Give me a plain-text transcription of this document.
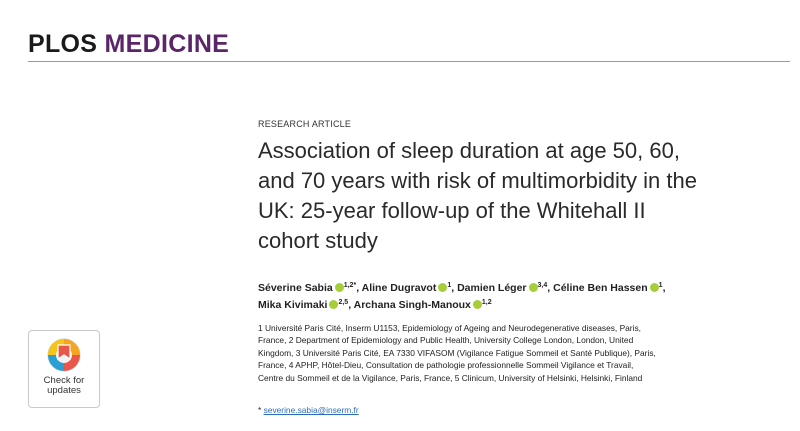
PLOS MEDICINE
Check for
updates
RESEARCH ARTICLE
Association of sleep duration at age 50, 60,
and 70 years with risk of multimorbidity in the
UK: 25-year follow-up of the Whitehall II
cohort study
Séverine Sabia $^{1,2*}$, Aline Dugravot $^1$, Damien Léger $^{3,4}$, Céline Ben Hassen $^1$,
Mika Kivimaki $^{2,5}$, Archana Singh-Manoux $^{1,2}$
1 Université Paris Cité, Inserm U1153, Epidemiology of Ageing and Neurodegenerative diseases, Paris,
France, 2 Department of Epidemiology and Public Health, University College London, London, United
Kingdom, 3 Université Paris Cité, EA 7330 VIFASOM (Vigilance Fatigue Sommeil et Santé Publique), Paris,
France, 4 APHP, Hôtel-Dieu, Consultation de pathologie professionnelle Sommeil Vigilance et Travail,
Centre du Sommeil et de la Vigilance, Paris, France, 5 Clinicum, University of Helsinki, Helsinki, Finland
* severine.sabia@inserm.fr
